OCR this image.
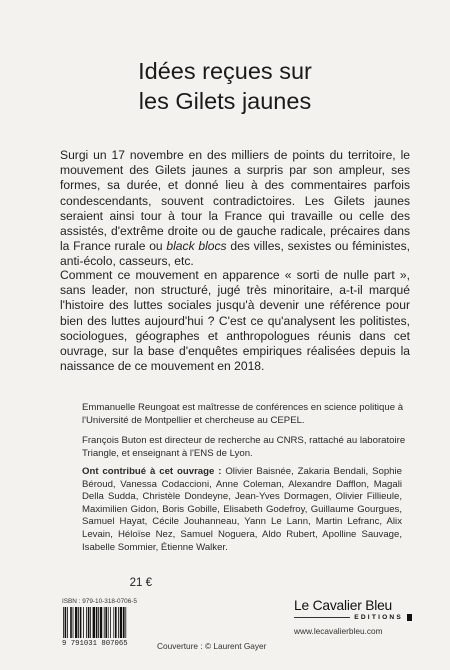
Idées reçues sur
les Gilets jaunes
Surgi un 17 novembre en des milliers de points du territoire, le mouvement des Gilets jaunes a surpris par son ampleur, ses formes, sa durée, et donné lieu à des commentaires parfois condescendants, souvent contradictoires. Les Gilets jaunes seraient ainsi tour à tour la France qui travaille ou celle des assistés, d'extrême droite ou de gauche radicale, précaires dans la France rurale ou black blocs des villes, sexistes ou féministes, anti-écolo, casseurs, etc.
Comment ce mouvement en apparence « sorti de nulle part », sans leader, non structuré, jugé très minoritaire, a-t-il marqué l'histoire des luttes sociales jusqu'à devenir une référence pour bien des luttes aujourd'hui ? C'est ce qu'analysent les politistes, sociologues, géographes et anthropologues réunis dans cet ouvrage, sur la base d'enquêtes empiriques réalisées depuis la naissance de ce mouvement en 2018.

Emmanuelle Reungoat est maîtresse de conférences en science politique à l'Université de Montpellier et chercheuse au CEPEL.

François Buton est directeur de recherche au CNRS, rattaché au laboratoire Triangle, et enseignant à l'ENS de Lyon.

Ont contribué à cet ouvrage : Olivier Baisnée, Zakaria Bendali, Sophie Béroud, Vanessa Codaccioni, Anne Coleman, Alexandre Dafflon, Magali Della Sudda, Christèle Dondeyne, Jean-Yves Dormagen, Olivier Fillieule, Maximilien Gidon, Boris Gobille, Elisabeth Godefroy, Guillaume Gourgues, Samuel Hayat, Cécile Jouhanneau, Yann Le Lann, Martin Lefranc, Alix Levain, Héloïse Nez, Samuel Noguera, Aldo Rubert, Apolline Sauvage, Isabelle Sommier, Étienne Walker.
21 €
ISBN : 979-10-318-0706-5
9 791031 807065	Couverture : © Laurent Gayer
Le Cavalier Bleu
EDITIONS
www.lecavalierbleu.com
